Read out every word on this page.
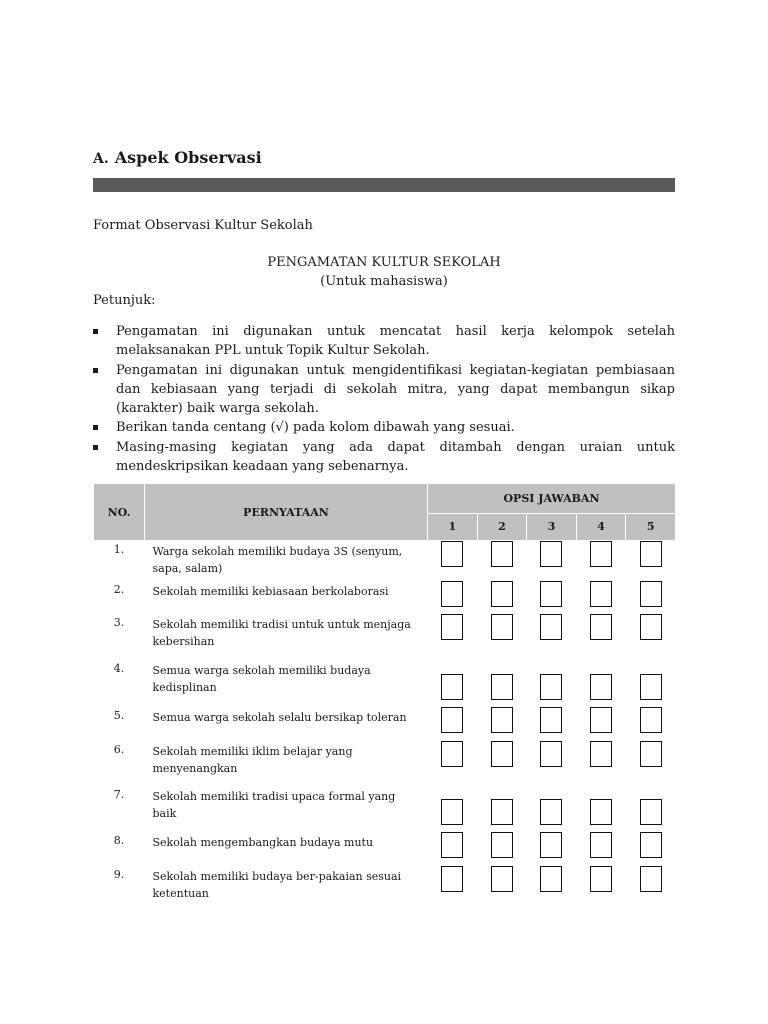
A. Aspek Observasi
Format Observasi Kultur Sekolah
PENGAMATAN KULTUR SEKOLAH
(Untuk mahasiswa)
Petunjuk:
Pengamatan ini digunakan untuk mencatat hasil kerja kelompok setelah melaksanakan PPL untuk Topik Kultur Sekolah.
Pengamatan ini digunakan untuk mengidentifikasi kegiatan-kegiatan pembiasaan dan kebiasaan yang terjadi di sekolah mitra, yang dapat membangun sikap (karakter) baik warga sekolah.
Berikan tanda centang (√) pada kolom dibawah yang sesuai.
Masing-masing kegiatan yang ada dapat ditambah dengan uraian untuk mendeskripsikan keadaan yang sebenarnya.
NO.	PERNYATAAN	OPSI JAWABAN				
		1	2	3	4	5
1.	Warga sekolah memiliki budaya 3S (senyum, sapa, salam)					
2.	Sekolah memiliki kebiasaan berkolaborasi					
3.	Sekolah memiliki tradisi untuk untuk menjaga kebersihan					
4.	Semua warga sekolah memiliki budaya kedisplinan					
5.	Semua warga sekolah selalu bersikap toleran					
6.	Sekolah memiliki iklim belajar yang menyenangkan					
7.	Sekolah memiliki tradisi upaca formal yang baik					
8.	Sekolah mengembangkan budaya mutu					
9.	Sekolah memiliki budaya ber-pakaian sesuai ketentuan					
